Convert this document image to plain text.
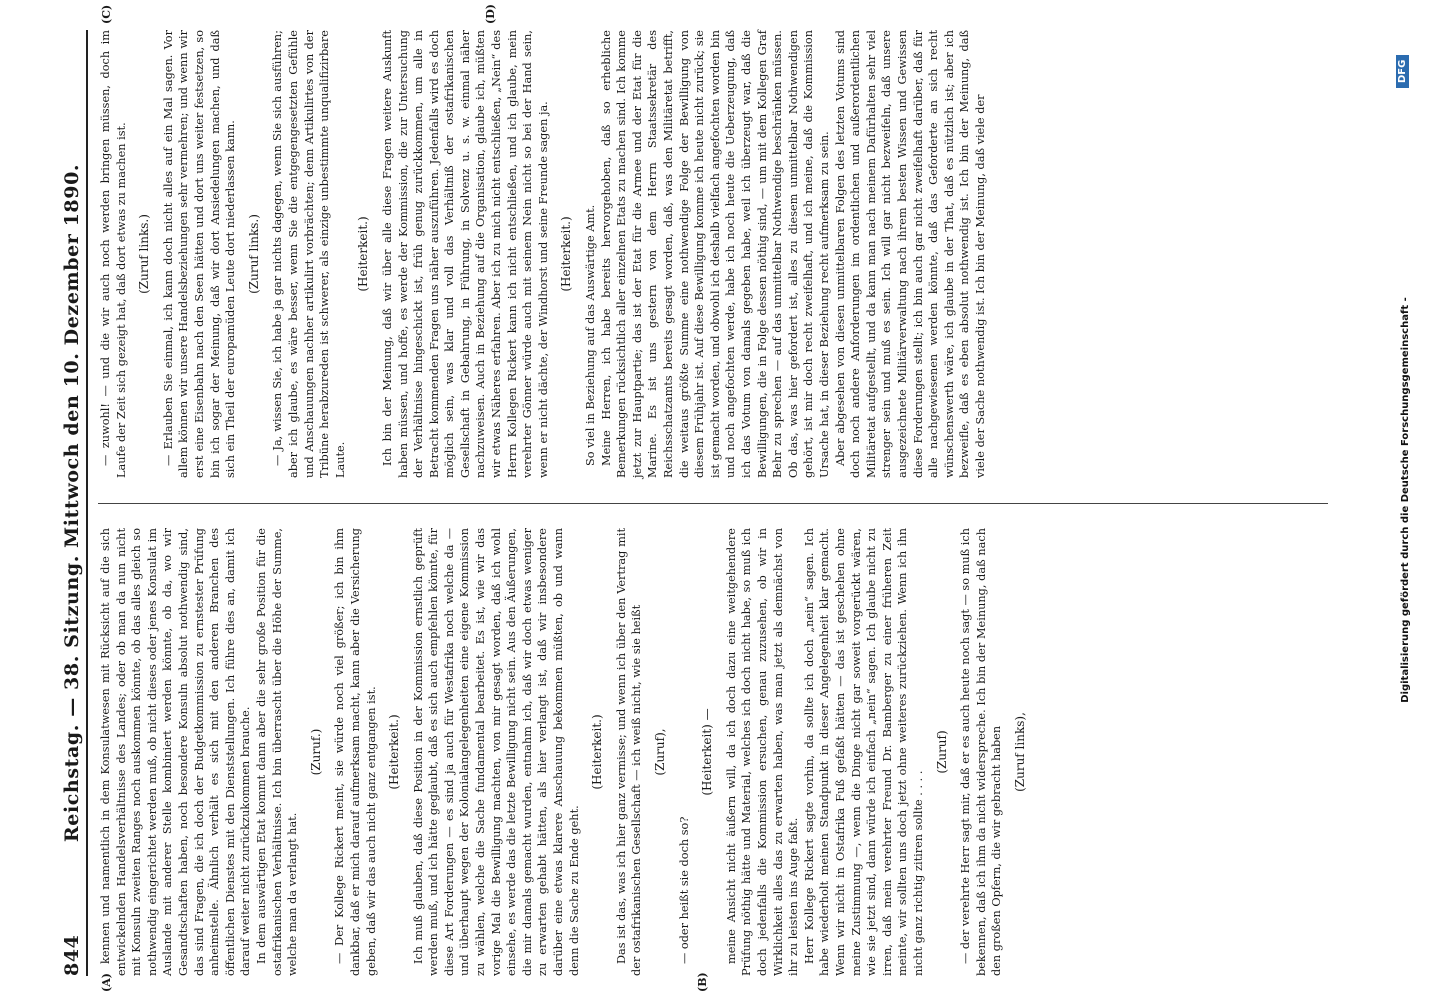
844
Reichstag. — 38. Sitzung. Mittwoch den 10. Dezember 1890.
(A)	(B)
(C)	(D)

kennen und namentlich in dem Konsulatwesen mit Rücksicht auf die sich entwickelnden Handelsverhältnisse des Landes; oder ob man da nun nicht mit Konsuln zweiten Ranges noch auskommen könnte, ob das alles gleich so nothwendig eingerichtet werden muß, ob nicht dieses oder jenes Konsulat im Auslande mit anderer Stelle kombiniert werden könnte, ob da, wo wir Gesandtschaften haben, noch besondere Konsuln absolut nothwendig sind, das sind Fragen, die ich doch der Budgetkommission zu ernstester Prüfung anheimstelle. Ähnlich verhält es sich mit den anderen Branchen des öffentlichen Dienstes mit den Dienststellungen. Ich führe dies an, damit ich darauf weiter nicht zurückzukommen brauche. In dem auswärtigen Etat kommt dann aber die sehr große Position für die ostafrikanischen Verhältnisse. Ich bin überrascht über die Höhe der Summe, welche man da verlangt hat.

(Zuruf.) — Der Kollege Rickert meint, sie würde noch viel größer; ich bin ihm dankbar, daß er mich darauf aufmerksam macht, kann aber die Versicherung geben, daß wir das auch nicht ganz entgangen ist. (Heiterkeit.) Ich muß glauben, daß diese Position in der Kommission ernstlich geprüft werden muß, und ich hätte geglaubt, daß es sich auch empfehlen könnte, für diese Art Forderungen — es sind ja auch für Westafrika noch welche da — und überhaupt wegen der Kolonialangelegenheiten eine eigene Kommission zu wählen, welche die Sache fundamental bearbeitet. Es ist, wie wir das vorige Mal die Bewilligung machten, von mir gesagt worden, daß ich wohl einsehe, es werde das die letzte Bewilligung nicht sein. Aus den Äußerungen, die mir damals gemacht wurden, entnahm ich, daß wir doch etwas weniger zu erwarten gehabt hätten, als hier verlangt ist, daß wir insbesondere darüber eine etwas klarere Anschauung bekommen müßten, ob und wann denn die Sache zu Ende geht.

(Heiterkeit.) Das ist das, was ich hier ganz vermisse; und wenn ich über den Vertrag mit der ostafrikanischen Gesellschaft — ich weiß nicht, wie sie heißt (Zuruf),

— oder heißt sie doch so?

(Heiterkeit) — meine Ansicht nicht äußern will, da ich doch dazu eine weitgehendere Prüfung nöthig hätte und Material, welches ich doch nicht habe, so muß ich doch jedenfalls die Kommission ersuchen, genau zuzusehen, ob wir in Wirklichkeit alles das zu erwarten haben, was man jetzt als demnächst von ihr zu leisten ins Auge faßt. Herr Kollege Rickert sagte vorhin, da sollte ich doch „nein“ sagen. Ich habe wiederholt meinen Standpunkt in dieser Angelegenheit klar gemacht. Wenn wir nicht in Ostafrika Fuß gefaßt hätten — das ist geschehen ohne meine Zustimmung —, wenn die Dinge nicht gar soweit vorgerückt wären, wie sie jetzt sind, dann würde ich einfach „nein“ sagen. Ich glaube nicht zu irren, daß mein verehrter Freund Dr. Bamberger zu einer früheren Zeit meinte, wir sollten uns doch jetzt ohne weiteres zurückziehen. Wenn ich ihn nicht ganz richtig zitiren sollte . . . .

(Zuruf) — der verehrte Herr sagt mir, daß er es auch heute noch sagt — so muß ich bekennen, daß ich ihm da nicht widerspreche. Ich bin der Meinung, daß nach den großen Opfern, die wir gebracht haben (Zuruf links),

— zuwohl! — und die wir auch noch werden bringen müssen, doch im Laufe der Zeit sich gezeigt hat, daß dort etwas zu machen ist. (Zuruf links.) — Erlauben Sie einmal, ich kann doch nicht alles auf ein Mal sagen. Vor allem können wir unsere Handelsbeziehungen sehr vermehren; und wenn wir erst eine Eisenbahn nach den Seen hätten und dort uns weiter festsetzen, so bin ich sogar der Meinung, daß wir dort Ansiedelungen machen, und daß sich ein Theil der europamüden Leute dort niederlassen kann. (Zuruf links.) — Ja, wissen Sie, ich habe ja gar nichts dagegen, wenn Sie sich ausführen; aber ich glaube, es wäre besser, wenn Sie die entgegengesetzten Gefühle und Anschauungen nachher artikulirt vorbrächten; denn Artikulirtes von der Tribüne herabzureden ist schwerer, als einzige unbestimmte unqualifizirbare Laute.

(Heiterkeit.) Ich bin der Meinung, daß wir über alle diese Fragen weitere Auskunft haben müssen, und hoffe, es werde der Kommission, die zur Untersuchung der Verhältnisse hingeschickt ist, früh genug zurückkommen, um alle in Betracht kommenden Fragen uns näher auszuführen. Jedenfalls wird es doch möglich sein, was klar und voll das Verhältniß der ostafrikanischen Gesellschaft in Gebahrung, in Führung, in Solvenz u. s. w. einmal näher nachzuweisen. Auch in Beziehung auf die Organisation, glaube ich, müßten wir etwas Näheres erfahren. Aber ich zu mich nicht entschließen, „Nein“ des Herrn Kollegen Rickert kann ich nicht entschließen, und ich glaube, mein verehrter Gönner würde auch mit seinem Nein nicht so bei der Hand sein, wenn er nicht dächte, der Windhorst und seine Freunde sagen ja. (Heiterkeit.) So viel in Beziehung auf das Auswärtige Amt. Meine Herren, ich habe bereits hervorgehoben, daß so erhebliche Bemerkungen rücksichtlich aller einzelnen Etats zu machen sind. Ich komme jetzt zur Hauptpartie; das ist der Etat für die Armee und der Etat für die Marine. Es ist uns gestern von dem Herrn Staatssekretär des Reichsschatzamts bereits gesagt worden, daß, was den Militäretat betrifft, die weitaus größte Summe eine nothwendige Folge der Bewilligung von diesem Frühjahr ist. Auf diese Bewilligung komme ich heute nicht zurück; sie ist gemacht worden, und obwohl ich deshalb vielfach angefochten worden bin und noch angefochten werde, habe ich noch heute die Ueberzeugung, daß ich das Votum von damals gegeben habe, weil ich überzeugt war, daß die Bewilligungen, die in Folge dessen nöthig sind, — um mit dem Kollegen Graf Behr zu sprechen — auf das unmittelbar Nothwendige beschränken müssen. Ob das, was hier gefordert ist, alles zu diesem unmittelbar Nothwendigen gehört, ist mir doch recht zweifelhaft, und ich meine, daß die Kommission Ursache hat, in dieser Beziehung recht aufmerksam zu sein. Aber abgesehen von diesen unmittelbaren Folgen des letzten Votums sind doch noch andere Anforderungen im ordentlichen und außerordentlichen Militäretat aufgestellt, und da kann man nach meinem Dafürhalten sehr viel strenger sein und muß es sein. Ich will gar nicht bezweifeln, daß unsere ausgezeichnete Militärverwaltung nach ihrem besten Wissen und Gewissen diese Forderungen stellt; ich bin auch gar nicht zweifelhaft darüber, daß für alle nachgewiesenen werden könnte, daß das Geforderte an sich recht wünschenswerth wäre, ich glaube in der That, daß es nützlich ist; aber ich bezweifle, daß es eben absolut nothwendig ist. Ich bin der Meinung, daß viele der Sache nothwendig ist. Ich bin der Meinung, daß viele der

Digitalisierung gefördert durch die Deutsche Forschungsgemeinschaft -
DFG
